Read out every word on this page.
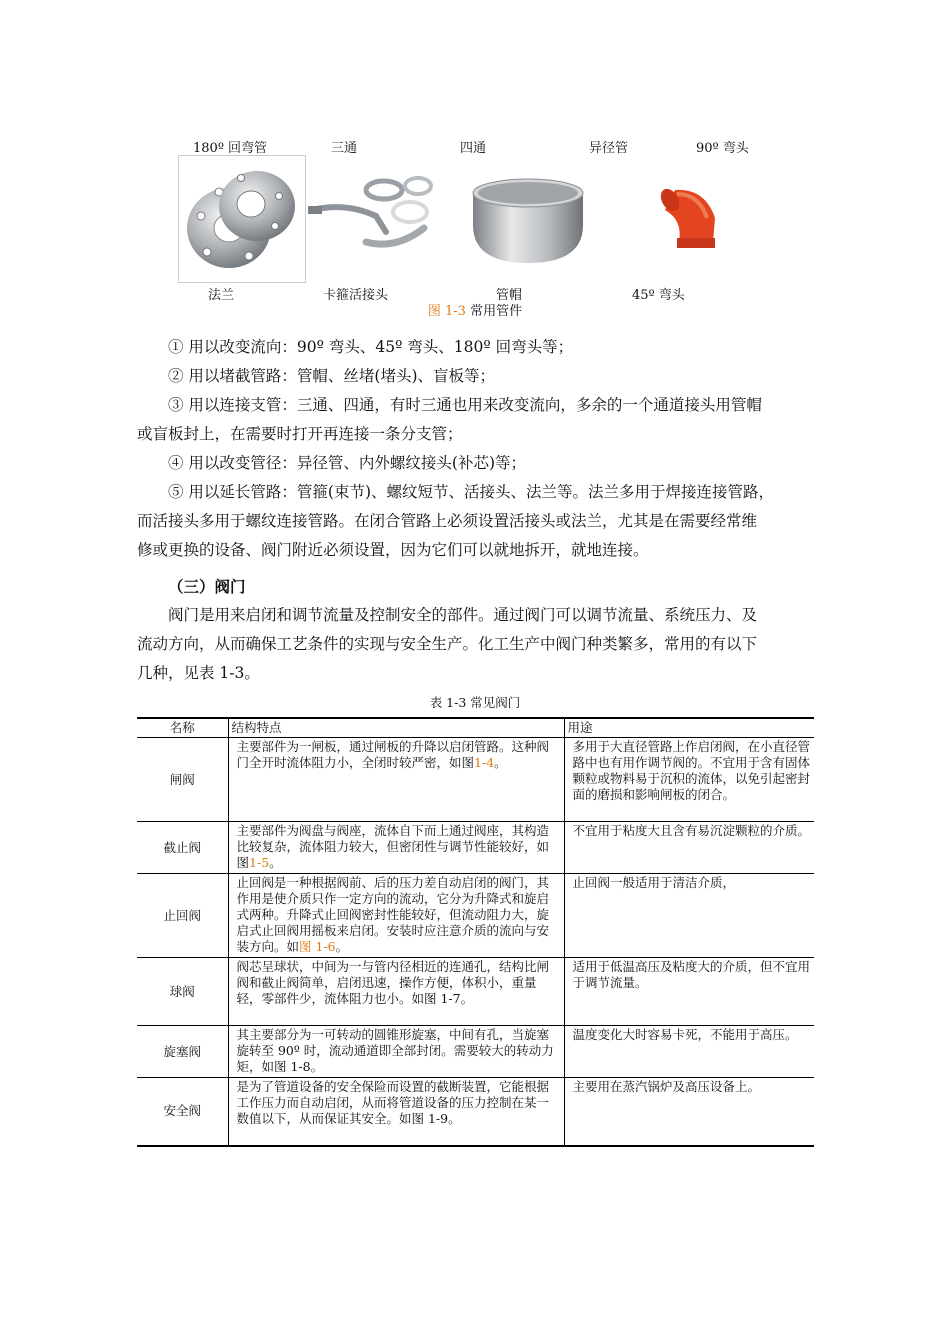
180º 回弯管	三通	四通	异径管	90º 弯头
法兰	卡箍活接头	管帽	45º 弯头
图 1-3 常用管件
① 用以改变流向：90º 弯头、45º 弯头、180º 回弯头等；
② 用以堵截管路：管帽、丝堵(堵头)、盲板等；
③ 用以连接支管：三通、四通，有时三通也用来改变流向，多余的一个通道接头用管帽
或盲板封上，在需要时打开再连接一条分支管；
④ 用以改变管径：异径管、内外螺纹接头(补芯)等；
⑤ 用以延长管路：管箍(束节)、螺纹短节、活接头、法兰等。法兰多用于焊接连接管路，
而活接头多用于螺纹连接管路。在闭合管路上必须设置活接头或法兰，尤其是在需要经常维
修或更换的设备、阀门附近必须设置，因为它们可以就地拆开，就地连接。
（三）阀门
阀门是用来启闭和调节流量及控制安全的部件。通过阀门可以调节流量、系统压力、及
流动方向，从而确保工艺条件的实现与安全生产。化工生产中阀门种类繁多，常用的有以下
几种，见表 1-3。
表 1-3 常见阀门
名称	结构特点	用途
闸阀	主要部件为一闸板，通过闸板的升降以启闭管路。这种阀门全开时流体阻力小，全闭时较严密，如图1-4。	多用于大直径管路上作启闭阀，在小直径管路中也有用作调节阀的。不宜用于含有固体颗粒或物料易于沉积的流体，以免引起密封面的磨损和影响闸板的闭合。
截止阀	主要部件为阀盘与阀座，流体自下而上通过阀座，其构造比较复杂，流体阻力较大，但密闭性与调节性能较好，如图1-5。	不宜用于粘度大且含有易沉淀颗粒的介质。
止回阀	止回阀是一种根据阀前、后的压力差自动启闭的阀门，其作用是使介质只作一定方向的流动，它分为升降式和旋启式两种。升降式止回阀密封性能较好，但流动阻力大，旋启式止回阀用摇板来启闭。安装时应注意介质的流向与安装方向。如图 1-6。	止回阀一般适用于清洁介质，
球阀	阀芯呈球状，中间为一与管内径相近的连通孔，结构比闸阀和截止阀简单，启闭迅速，操作方便，体积小，重量轻，零部件少，流体阻力也小。如图 1-7。	适用于低温高压及粘度大的介质，但不宜用于调节流量。
旋塞阀	其主要部分为一可转动的圆锥形旋塞，中间有孔，当旋塞旋转至 90º 时，流动通道即全部封闭。需要较大的转动力矩，如图 1-8。	温度变化大时容易卡死，不能用于高压。
安全阀	是为了管道设备的安全保险而设置的截断装置，它能根据工作压力而自动启闭，从而将管道设备的压力控制在某一数值以下，从而保证其安全。如图 1-9。	主要用在蒸汽锅炉及高压设备上。
